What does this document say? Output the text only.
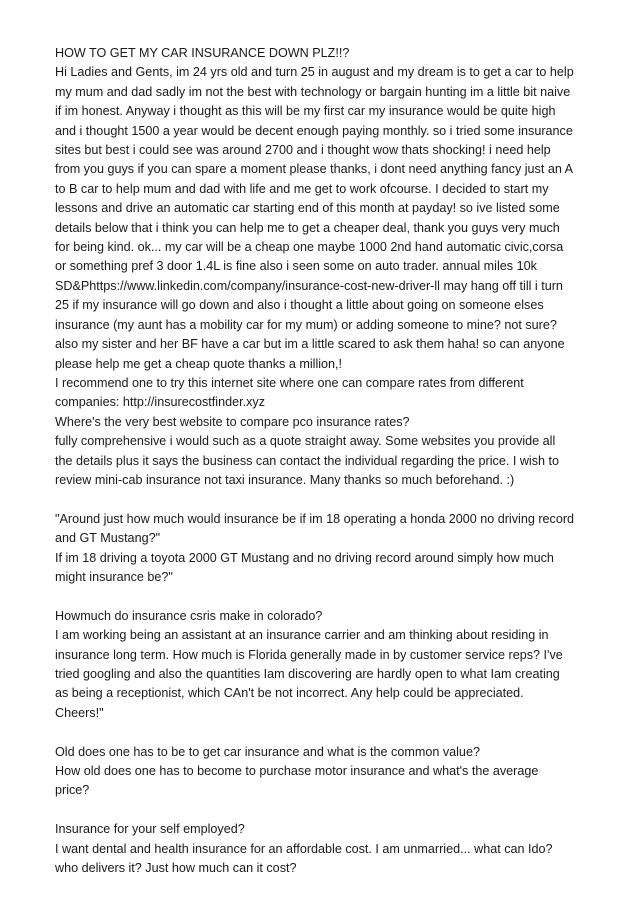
HOW TO GET MY CAR INSURANCE DOWN PLZ!!?

Hi Ladies and Gents, im 24 yrs old and turn 25 in august and my dream is to get a car to help

my mum and dad sadly im not the best with technology or bargain hunting im a little bit naive

if im honest. Anyway i thought as this will be my first car my insurance would be quite high

and i thought 1500 a year would be decent enough paying monthly. so i tried some insurance

sites but best i could see was around 2700 and i thought wow thats shocking! i need help

from you guys if you can spare a moment please thanks, i dont need anything fancy just an A

to B car to help mum and dad with life and me get to work ofcourse. I decided to start my

lessons and drive an automatic car starting end of this month at payday! so ive listed some

details below that i think you can help me to get a cheaper deal, thank you guys very much

for being kind. ok... my car will be a cheap one maybe 1000 2nd hand automatic civic,corsa

or something pref 3 door 1.4L is fine also i seen some on auto trader. annual miles 10k

SD&Phttps://www.linkedin.com/company/insurance-cost-new-driver-ll may hang off till i turn

25 if my insurance will go down and also i thought a little about going on someone elses

insurance (my aunt has a mobility car for my mum) or adding someone to mine? not sure?

also my sister and her BF have a car but im a little scared to ask them haha! so can anyone

please help me get a cheap quote thanks a million,!

I recommend one to try this internet site where one can compare rates from different

companies: http://insurecostfinder.xyz

Where's the very best website to compare pco insurance rates?

fully comprehensive i would such as a quote straight away. Some websites you provide all

the details plus it says the business can contact the individual regarding the price. I wish to

review mini-cab insurance not taxi insurance. Many thanks so much beforehand. :)

"Around just how much would insurance be if im 18 operating a honda 2000 no driving record

and GT Mustang?"

If im 18 driving a toyota 2000 GT Mustang and no driving record around simply how much

might insurance be?"

Howmuch do insurance csris make in colorado?

I am working being an assistant at an insurance carrier and am thinking about residing in

insurance long term. How much is Florida generally made in by customer service reps? I've

tried googling and also the quantities Iam discovering are hardly open to what Iam creating

as being a receptionist, which CAn't be not incorrect. Any help could be appreciated.

Cheers!"

Old does one has to be to get car insurance and what is the common value?

How old does one has to become to purchase motor insurance and what's the average

price?

Insurance for your self employed?

I want dental and health insurance for an affordable cost. I am unmarried... what can Ido?

who delivers it? Just how much can it cost?
